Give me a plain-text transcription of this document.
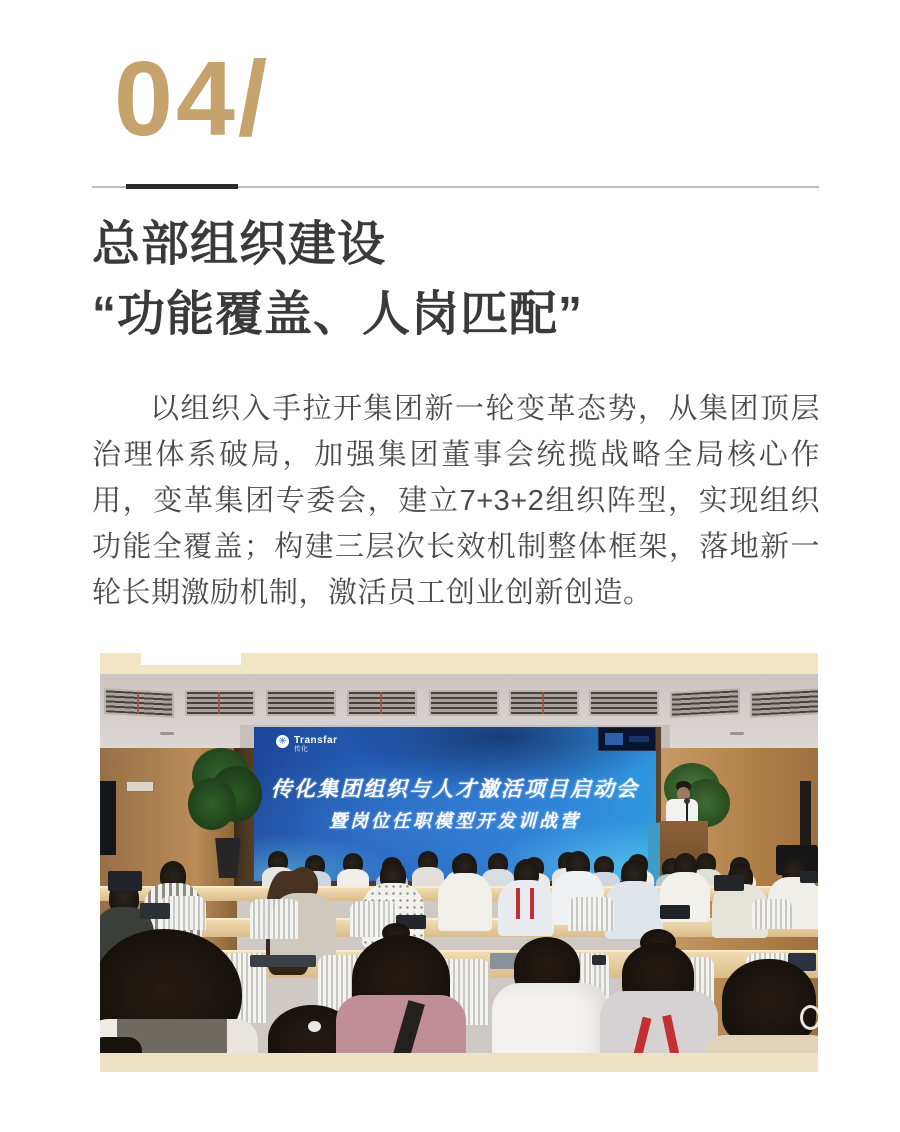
04/
总部组织建设
“功能覆盖、人岗匹配”

以组织入手拉开集团新一轮变革态势，从集团顶层治理体系破局，加强集团董事会统揽战略全局核心作用，变革集团专委会，建立7+3+2组织阵型，实现组织功能全覆盖；构建三层次长效机制整体框架，落地新一轮长期激励机制，激活员工创业创新创造。

✳ Transfar
传化
传化集团组织与人才激活项目启动会
暨岗位任职模型开发训战营
